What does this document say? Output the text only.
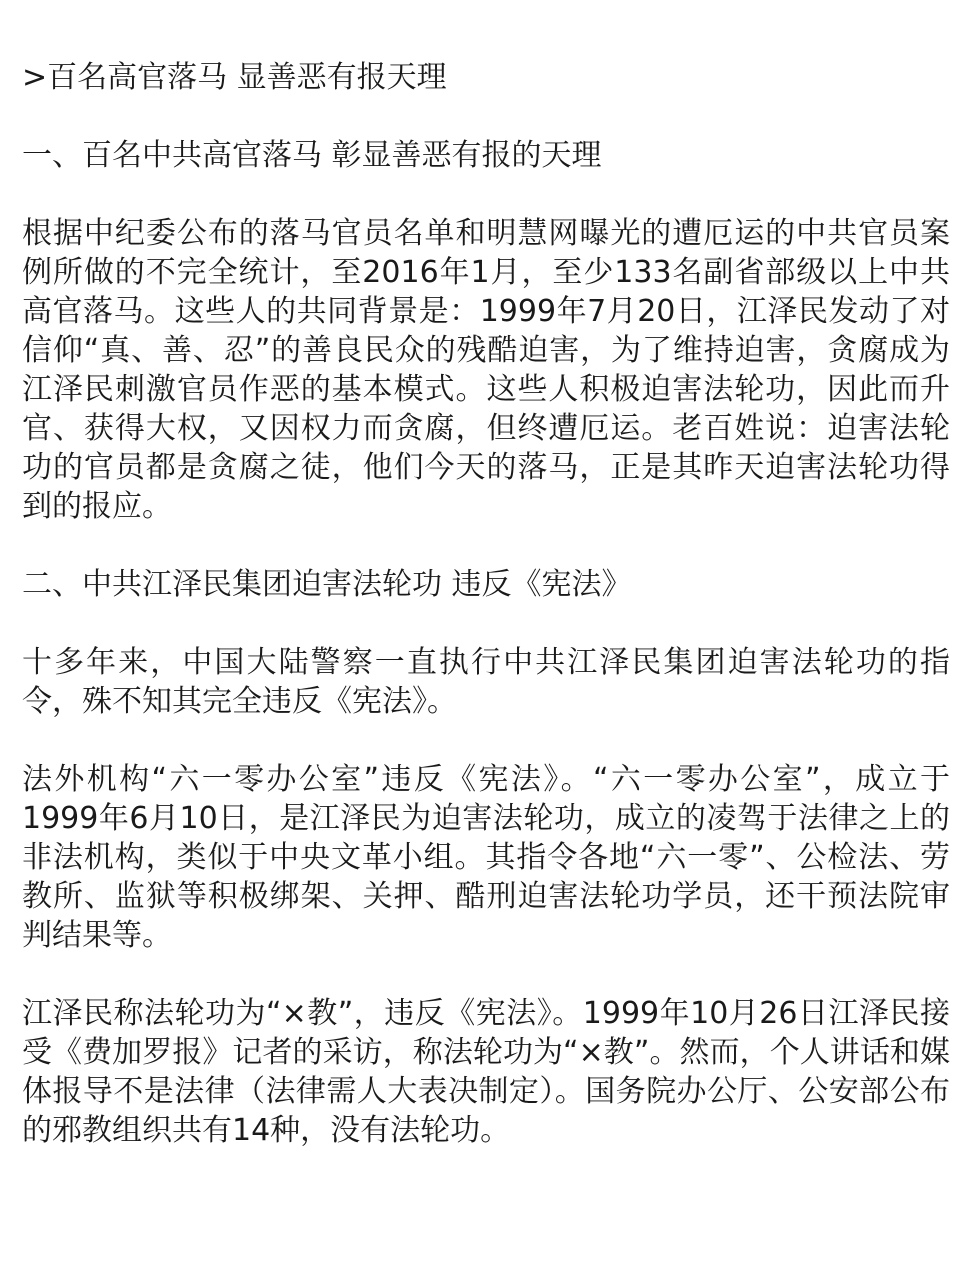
>百名高官落马 显善恶有报天理
一、百名中共高官落马 彰显善恶有报的天理
根据中纪委公布的落马官员名单和明慧网曝光的遭厄运的中共官员案例所做的不完全统计，至2016年1月，至少133名副省部级以上中共高官落马。这些人的共同背景是：1999年7月20日，江泽民发动了对信仰“真、善、忍”的善良民众的残酷迫害，为了维持迫害，贪腐成为江泽民刺激官员作恶的基本模式。这些人积极迫害法轮功，因此而升官、获得大权，又因权力而贪腐，但终遭厄运。老百姓说：迫害法轮功的官员都是贪腐之徒，他们今天的落马，正是其昨天迫害法轮功得到的报应。
二、中共江泽民集团迫害法轮功 违反《宪法》
十多年来，中国大陆警察一直执行中共江泽民集团迫害法轮功的指令，殊不知其完全违反《宪法》。
法外机构“六一零办公室”违反《宪法》。“六一零办公室”，成立于1999年6月10日，是江泽民为迫害法轮功，成立的凌驾于法律之上的非法机构，类似于中央文革小组。其指令各地“六一零”、公检法、劳教所、监狱等积极绑架、关押、酷刑迫害法轮功学员，还干预法院审判结果等。
江泽民称法轮功为“×教”，违反《宪法》。1999年10月26日江泽民接受《费加罗报》记者的采访，称法轮功为“×教”。然而，个人讲话和媒体报导不是法律（法律需人大表决制定）。国务院办公厅、公安部公布的邪教组织共有14种，没有法轮功。
